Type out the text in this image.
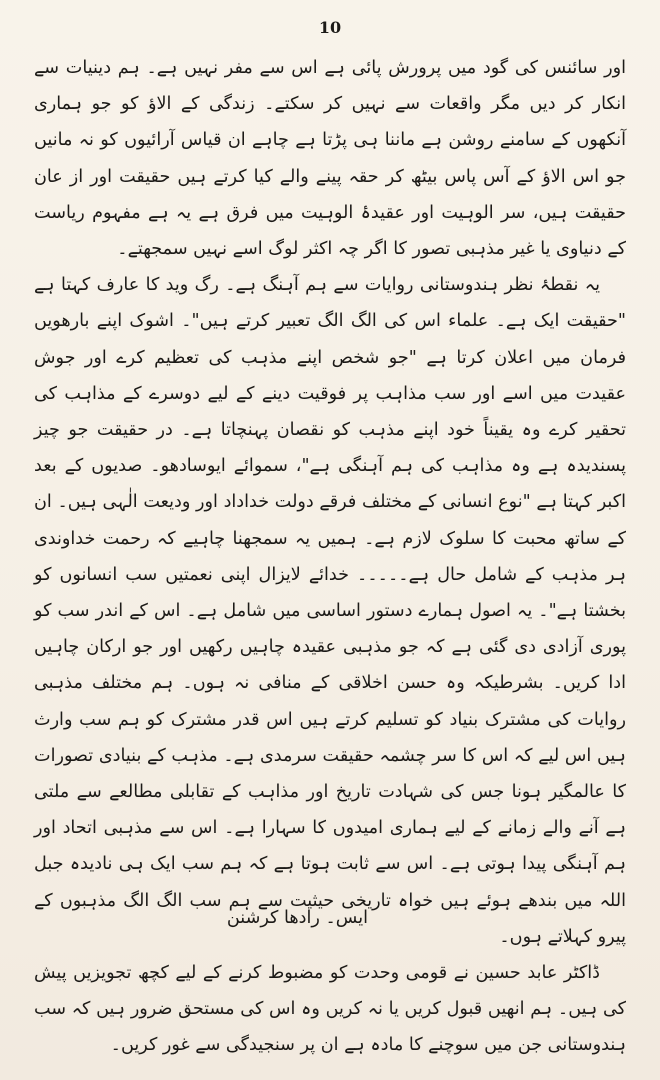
10

اور سائنس کی گود میں پرورش پائی ہے اس سے مفر نہیں ہے۔ ہم دینیات سے انکار کر دیں مگر واقعات سے نہیں کر سکتے۔ زندگی کے الاؤ کو جو ہماری آنکھوں کے سامنے روشن ہے ماننا ہی پڑتا ہے چاہے ان قیاس آرائیوں کو نہ مانیں جو اس الاؤ کے آس پاس بیٹھ کر حقہ پینے والے کیا کرتے ہیں حقیقت اور از عان حقیقت ہیں، سر الوہیت اور عقیدۂ الوہیت میں فرق ہے یہ ہے مفہوم ریاست کے دنیاوی یا غیر مذہبی تصور کا اگر چہ اکثر لوگ اسے نہیں سمجھتے۔

یہ نقطۂ نظر ہندوستانی روایات سے ہم آہنگ ہے۔ رگ وید کا عارف کہتا ہے "حقیقت ایک ہے۔ علماء اس کی الگ الگ تعبیر کرتے ہیں"۔ اشوک اپنے بارھویں فرمان میں اعلان کرتا ہے "جو شخص اپنے مذہب کی تعظیم کرے اور جوش عقیدت میں اسے اور سب مذاہب پر فوقیت دینے کے لیے دوسرے کے مذاہب کی تحقیر کرے وہ یقیناً خود اپنے مذہب کو نقصان پہنچاتا ہے۔ در حقیقت جو چیز پسندیدہ ہے وہ مذاہب کی ہم آہنگی ہے"، سموائے ایوسادھو۔ صدیوں کے بعد اکبر کہتا ہے "نوع انسانی کے مختلف فرقے دولت خداداد اور ودیعت الٰہی ہیں۔ ان کے ساتھ محبت کا سلوک لازم ہے۔ ہمیں یہ سمجھنا چاہیے کہ رحمت خداوندی ہر مذہب کے شامل حال ہے۔۔۔۔۔ خدائے لایزال اپنی نعمتیں سب انسانوں کو بخشتا ہے"۔ یہ اصول ہمارے دستور اساسی میں شامل ہے۔ اس کے اندر سب کو پوری آزادی دی گئی ہے کہ جو مذہبی عقیدہ چاہیں رکھیں اور جو ارکان چاہیں ادا کریں۔ بشرطیکہ وہ حسن اخلاقی کے منافی نہ ہوں۔ ہم مختلف مذہبی روایات کی مشترک بنیاد کو تسلیم کرتے ہیں اس قدر مشترک کو ہم سب وارث ہیں اس لیے کہ اس کا سر چشمہ حقیقت سرمدی ہے۔ مذہب کے بنیادی تصورات کا عالمگیر ہونا جس کی شہادت تاریخ اور مذاہب کے تقابلی مطالعے سے ملتی ہے آنے والے زمانے کے لیے ہماری امیدوں کا سہارا ہے۔ اس سے مذہبی اتحاد اور ہم آہنگی پیدا ہوتی ہے۔ اس سے ثابت ہوتا ہے کہ ہم سب ایک ہی نادیدہ جبل اللہ میں بندھے ہوئے ہیں خواہ تاریخی حیثیت سے ہم سب الگ الگ مذہبوں کے پیرو کہلاتے ہوں۔

ڈاکٹر عابد حسین نے قومی وحدت کو مضبوط کرنے کے لیے کچھ تجویزیں پیش کی ہیں۔ ہم انھیں قبول کریں یا نہ کریں وہ اس کی مستحق ضرور ہیں کہ سب ہندوستانی جن میں سوچنے کا مادہ ہے ان پر سنجیدگی سے غور کریں۔

ایس۔ رادھا کرشنن
